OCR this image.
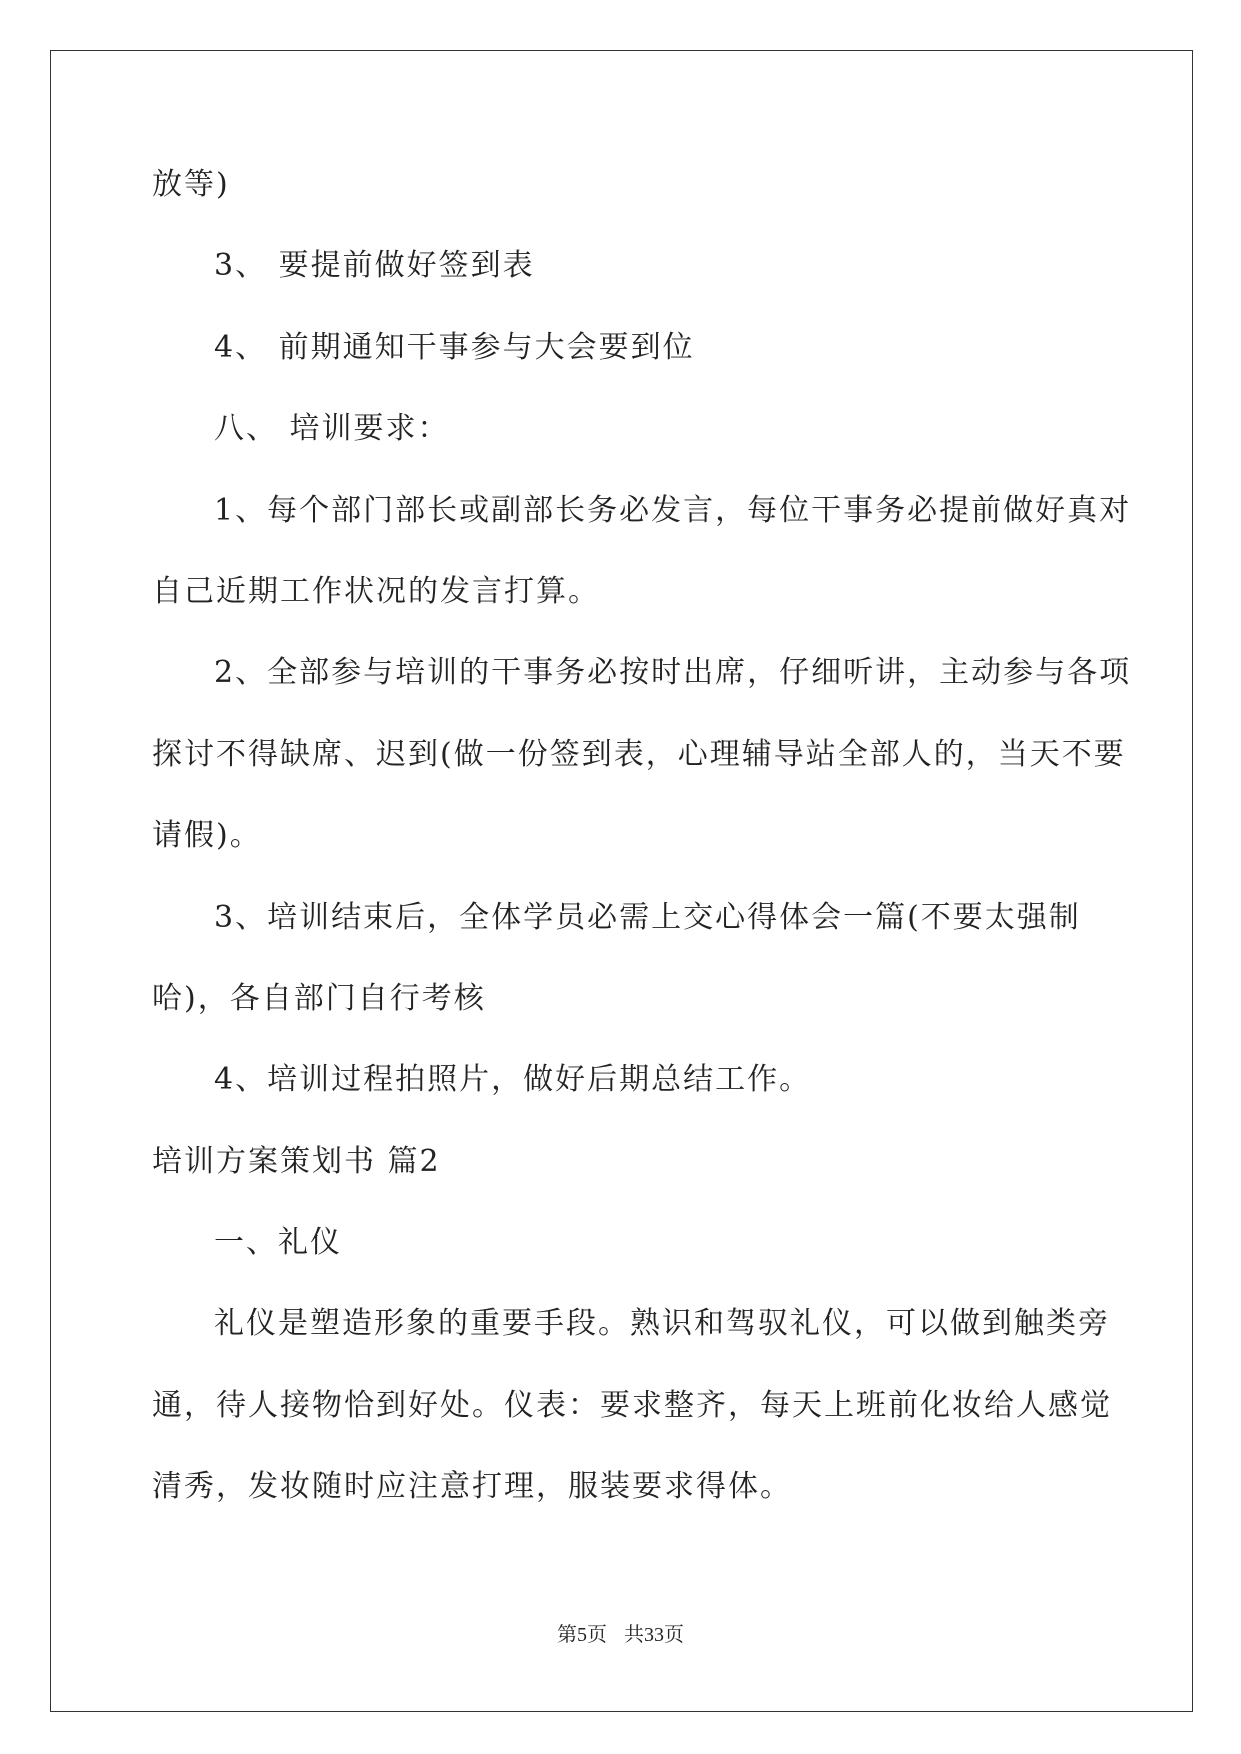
放等)
3、 要提前做好签到表
4、 前期通知干事参与大会要到位
八、 培训要求：
1、每个部门部长或副部长务必发言，每位干事务必提前做好真对
自己近期工作状况的发言打算。
2、全部参与培训的干事务必按时出席，仔细听讲，主动参与各项
探讨不得缺席、迟到(做一份签到表，心理辅导站全部人的，当天不要
请假)。
3、培训结束后，全体学员必需上交心得体会一篇(不要太强制
哈)，各自部门自行考核
4、培训过程拍照片，做好后期总结工作。
培训方案策划书 篇2
一、礼仪
礼仪是塑造形象的重要手段。熟识和驾驭礼仪，可以做到触类旁
通，待人接物恰到好处。仪表：要求整齐，每天上班前化妆给人感觉
清秀，发妆随时应注意打理，服装要求得体。
第5页 共33页
